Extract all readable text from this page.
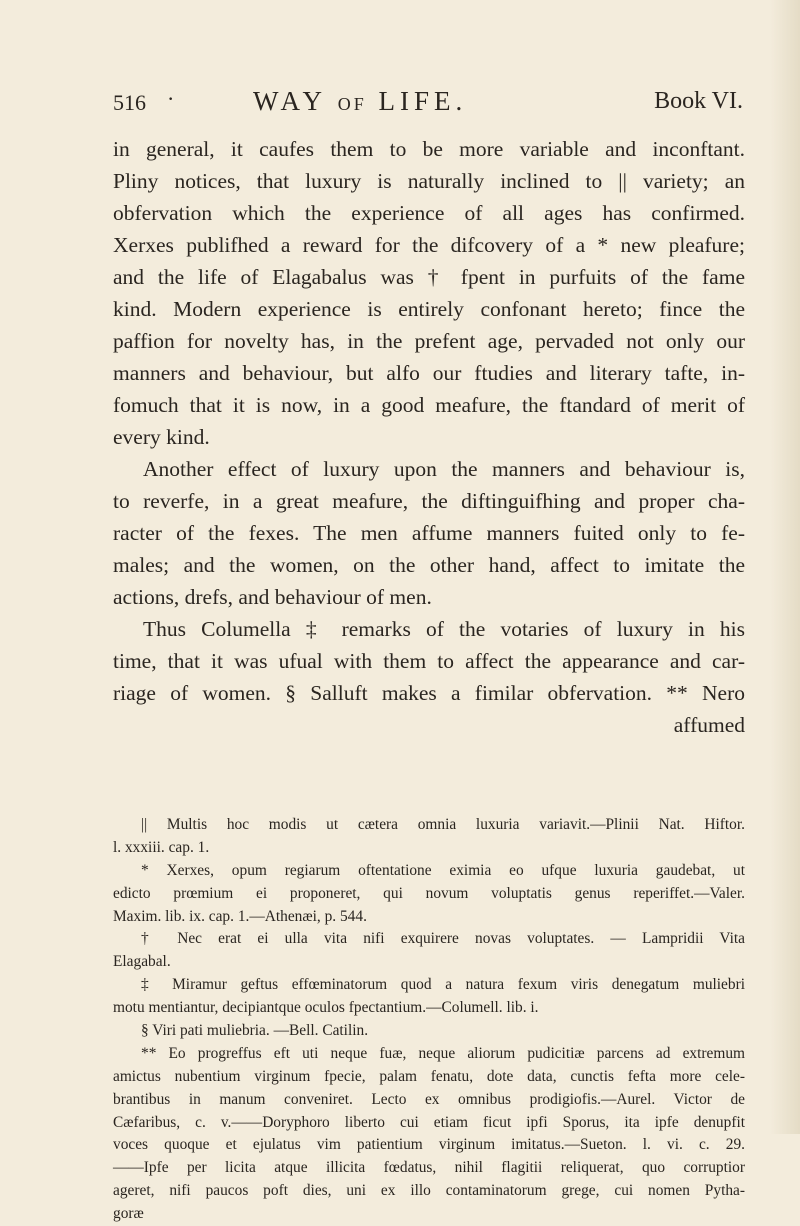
516 ·	WAY OF LIFE.	Book VI.
in general, it caufes them to be more variable and inconftant.
Pliny notices, that luxury is naturally inclined to || variety; an
obfervation which the experience of all ages has confirmed.
Xerxes publifhed a reward for the difcovery of a * new pleafure;
and the life of Elagabalus was † fpent in purfuits of the fame
kind. Modern experience is entirely confonant hereto; fince the
paffion for novelty has, in the prefent age, pervaded not only our
manners and behaviour, but alfo our ftudies and literary tafte, in-
fomuch that it is now, in a good meafure, the ftandard of merit of
every kind.
Another effect of luxury upon the manners and behaviour is,
to reverfe, in a great meafure, the diftinguifhing and proper cha-
racter of the fexes. The men affume manners fuited only to fe-
males; and the women, on the other hand, affect to imitate the
actions, drefs, and behaviour of men.
Thus Columella ‡ remarks of the votaries of luxury in his
time, that it was ufual with them to affect the appearance and car-
riage of women. § Salluft makes a fimilar obfervation. ** Nero
affumed
|| Multis hoc modis ut cætera omnia luxuria variavit.—Plinii Nat. Hiftor.
l. xxxiii. cap. 1.
* Xerxes, opum regiarum oftentatione eximia eo ufque luxuria gaudebat, ut
edicto prœmium ei proponeret, qui novum voluptatis genus reperiffet.—Valer.
Maxim. lib. ix. cap. 1.—Athenæi, p. 544.
† Nec erat ei ulla vita nifi exquirere novas voluptates. — Lampridii Vita
Elagabal.
‡ Miramur geftus effœminatorum quod a natura fexum viris denegatum muliebri
motu mentiantur, decipiantque oculos fpectantium.—Columell. lib. i.
§ Viri pati muliebria. —Bell. Catilin.
** Eo progreffus eft uti neque fuæ, neque aliorum pudicitiæ parcens ad extremum
amictus nubentium virginum fpecie, palam fenatu, dote data, cunctis fefta more cele-
brantibus in manum conveniret. Lecto ex omnibus prodigiofis.—Aurel. Victor de
Cæfaribus, c. v.——Doryphoro liberto cui etiam ficut ipfi Sporus, ita ipfe denupfit
voces quoque et ejulatus vim patientium virginum imitatus.—Sueton. l. vi. c. 29.
——Ipfe per licita atque illicita fœdatus, nihil flagitii reliquerat, quo corruptior
ageret, nifi paucos poft dies, uni ex illo contaminatorum grege, cui nomen Pytha-
goræ
